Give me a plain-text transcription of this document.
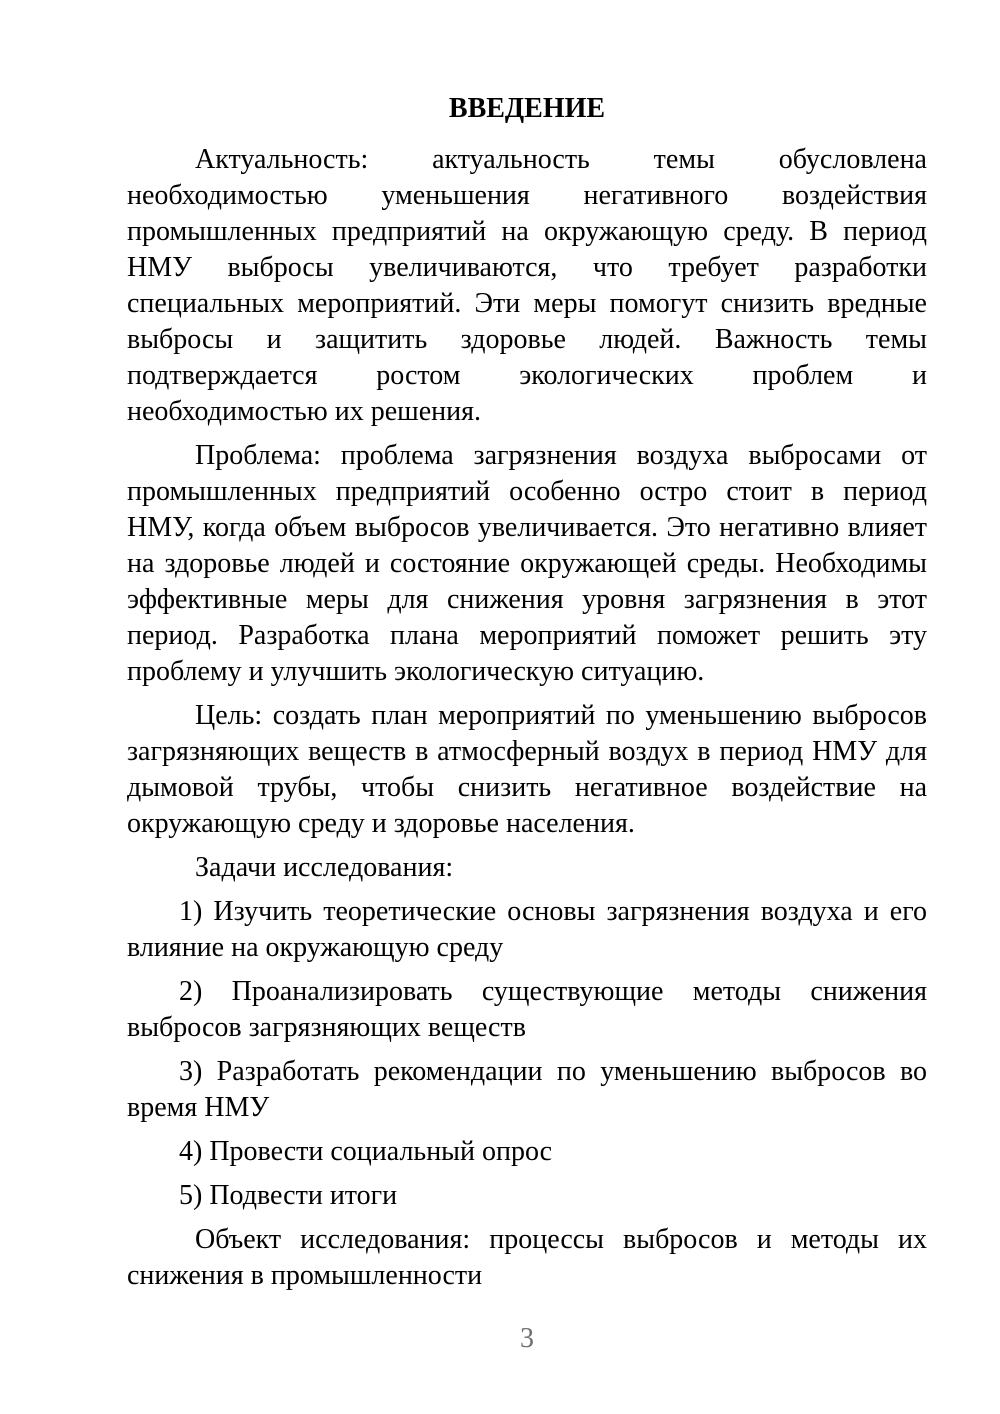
ВВЕДЕНИЕ

Актуальность: актуальность темы обусловлена необходимостью уменьшения негативного воздействия промышленных предприятий на окружающую среду. В период НМУ выбросы увеличиваются, что требует разработки специальных мероприятий. Эти меры помогут снизить вредные выбросы и защитить здоровье людей. Важность темы подтверждается ростом экологических проблем и необходимостью их решения.

Проблема: проблема загрязнения воздуха выбросами от промышленных предприятий особенно остро стоит в период НМУ, когда объем выбросов увеличивается. Это негативно влияет на здоровье людей и состояние окружающей среды. Необходимы эффективные меры для снижения уровня загрязнения в этот период. Разработка плана мероприятий поможет решить эту проблему и улучшить экологическую ситуацию.

Цель: создать план мероприятий по уменьшению выбросов загрязняющих веществ в атмосферный воздух в период НМУ для дымовой трубы, чтобы снизить негативное воздействие на окружающую среду и здоровье населения.

Задачи исследования:

1) Изучить теоретические основы загрязнения воздуха и его влияние на окружающую среду

2) Проанализировать существующие методы снижения выбросов загрязняющих веществ

3) Разработать рекомендации по уменьшению выбросов во время НМУ

4) Провести социальный опрос

5) Подвести итоги

Объект исследования: процессы выбросов и методы их снижения в промышленности

3
